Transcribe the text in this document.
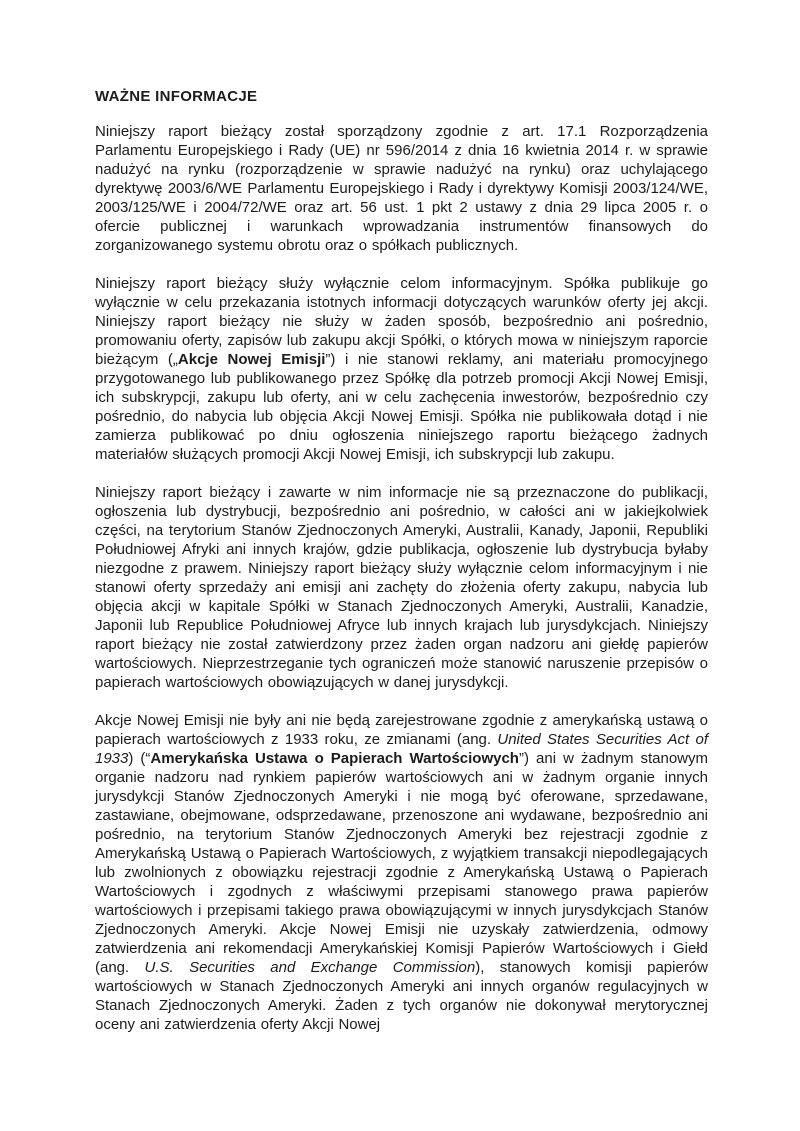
WAŻNE INFORMACJE

Niniejszy raport bieżący został sporządzony zgodnie z art. 17.1 Rozporządzenia Parlamentu Europejskiego i Rady (UE) nr 596/2014 z dnia 16 kwietnia 2014 r. w sprawie nadużyć na rynku (rozporządzenie w sprawie nadużyć na rynku) oraz uchylającego dyrektywę 2003/6/WE Parlamentu Europejskiego i Rady i dyrektywy Komisji 2003/124/WE, 2003/125/WE i 2004/72/WE oraz art. 56 ust. 1 pkt 2 ustawy z dnia 29 lipca 2005 r. o ofercie publicznej i warunkach wprowadzania instrumentów finansowych do zorganizowanego systemu obrotu oraz o spółkach publicznych.

Niniejszy raport bieżący służy wyłącznie celom informacyjnym. Spółka publikuje go wyłącznie w celu przekazania istotnych informacji dotyczących warunków oferty jej akcji. Niniejszy raport bieżący nie służy w żaden sposób, bezpośrednio ani pośrednio, promowaniu oferty, zapisów lub zakupu akcji Spółki, o których mowa w niniejszym raporcie bieżącym („Akcje Nowej Emisji”) i nie stanowi reklamy, ani materiału promocyjnego przygotowanego lub publikowanego przez Spółkę dla potrzeb promocji Akcji Nowej Emisji, ich subskrypcji, zakupu lub oferty, ani w celu zachęcenia inwestorów, bezpośrednio czy pośrednio, do nabycia lub objęcia Akcji Nowej Emisji. Spółka nie publikowała dotąd i nie zamierza publikować po dniu ogłoszenia niniejszego raportu bieżącego żadnych materiałów służących promocji Akcji Nowej Emisji, ich subskrypcji lub zakupu.

Niniejszy raport bieżący i zawarte w nim informacje nie są przeznaczone do publikacji, ogłoszenia lub dystrybucji, bezpośrednio ani pośrednio, w całości ani w jakiejkolwiek części, na terytorium Stanów Zjednoczonych Ameryki, Australii, Kanady, Japonii, Republiki Południowej Afryki ani innych krajów, gdzie publikacja, ogłoszenie lub dystrybucja byłaby niezgodne z prawem. Niniejszy raport bieżący służy wyłącznie celom informacyjnym i nie stanowi oferty sprzedaży ani emisji ani zachęty do złożenia oferty zakupu, nabycia lub objęcia akcji w kapitale Spółki w Stanach Zjednoczonych Ameryki, Australii, Kanadzie, Japonii lub Republice Południowej Afryce lub innych krajach lub jurysdykcjach. Niniejszy raport bieżący nie został zatwierdzony przez żaden organ nadzoru ani giełdę papierów wartościowych. Nieprzestrzeganie tych ograniczeń może stanowić naruszenie przepisów o papierach wartościowych obowiązujących w danej jurysdykcji.

Akcje Nowej Emisji nie były ani nie będą zarejestrowane zgodnie z amerykańską ustawą o papierach wartościowych z 1933 roku, ze zmianami (ang. United States Securities Act of 1933) (“Amerykańska Ustawa o Papierach Wartościowych”) ani w żadnym stanowym organie nadzoru nad rynkiem papierów wartościowych ani w żadnym organie innych jurysdykcji Stanów Zjednoczonych Ameryki i nie mogą być oferowane, sprzedawane, zastawiane, obejmowane, odsprzedawane, przenoszone ani wydawane, bezpośrednio ani pośrednio, na terytorium Stanów Zjednoczonych Ameryki bez rejestracji zgodnie z Amerykańską Ustawą o Papierach Wartościowych, z wyjątkiem transakcji niepodlegających lub zwolnionych z obowiązku rejestracji zgodnie z Amerykańską Ustawą o Papierach Wartościowych i zgodnych z właściwymi przepisami stanowego prawa papierów wartościowych i przepisami takiego prawa obowiązującymi w innych jurysdykcjach Stanów Zjednoczonych Ameryki. Akcje Nowej Emisji nie uzyskały zatwierdzenia, odmowy zatwierdzenia ani rekomendacji Amerykańskiej Komisji Papierów Wartościowych i Giełd (ang. U.S. Securities and Exchange Commission), stanowych komisji papierów wartościowych w Stanach Zjednoczonych Ameryki ani innych organów regulacyjnych w Stanach Zjednoczonych Ameryki. Żaden z tych organów nie dokonywał merytorycznej oceny ani zatwierdzenia oferty Akcji Nowej
